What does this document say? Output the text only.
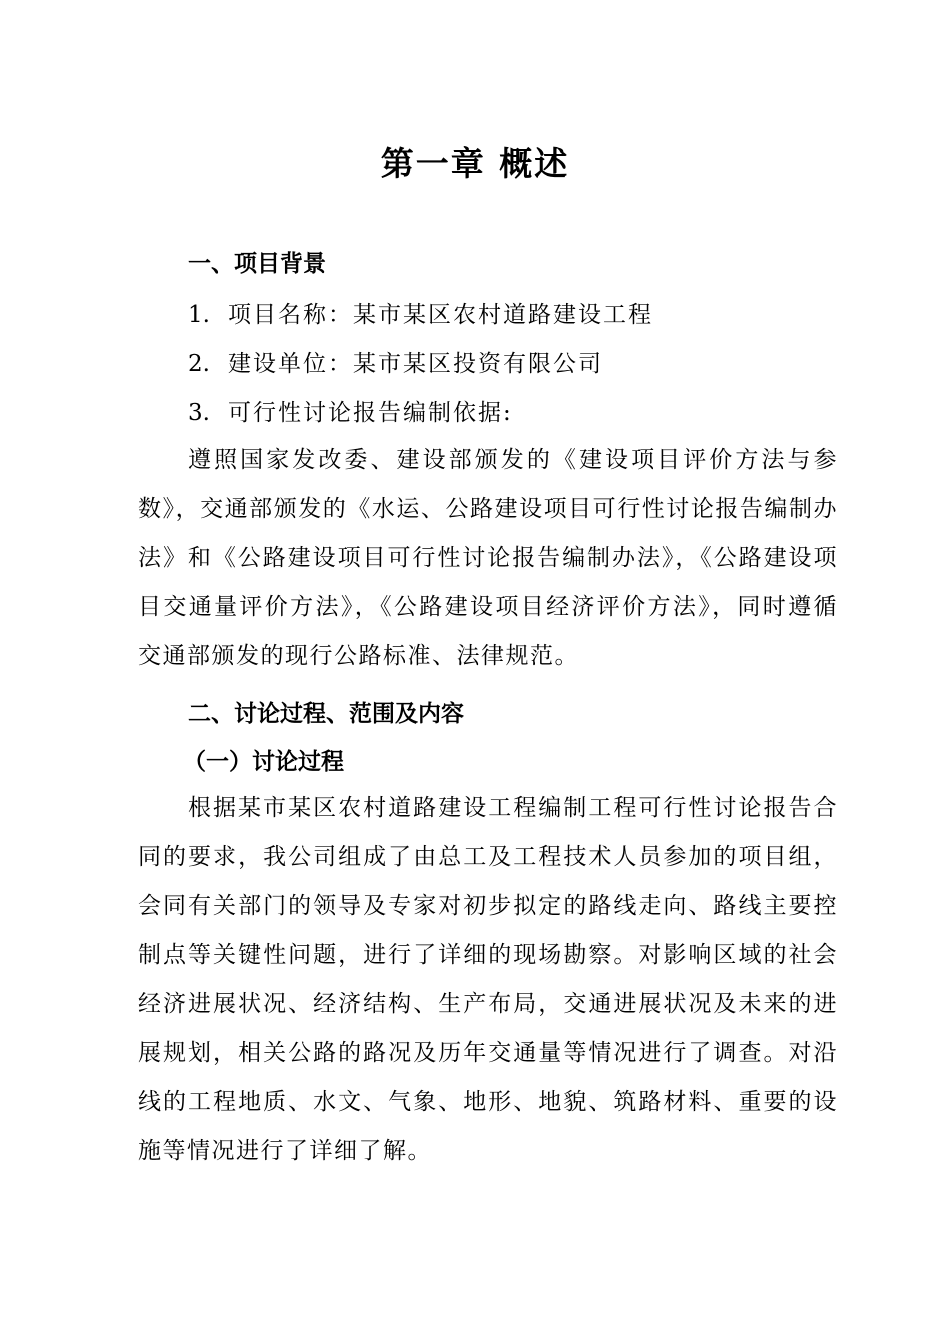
第一章 概述
一、项目背景
1. 项目名称：某市某区农村道路建设工程
2. 建设单位：某市某区投资有限公司
3. 可行性讨论报告编制依据:

遵照国家发改委、建设部颁发的《建设项目评价方法与参数》，交通部颁发的《水运、公路建设项目可行性讨论报告编制办法》和《公路建设项目可行性讨论报告编制办法》，《公路建设项目交通量评价方法》，《公路建设项目经济评价方法》，同时遵循交通部颁发的现行公路标准、法律规范。

二、讨论过程、范围及内容
（一）讨论过程

根据某市某区农村道路建设工程编制工程可行性讨论报告合同的要求，我公司组成了由总工及工程技术人员参加的项目组，会同有关部门的领导及专家对初步拟定的路线走向、路线主要控制点等关键性问题，进行了详细的现场勘察。对影响区域的社会经济进展状况、经济结构、生产布局，交通进展状况及未来的进展规划，相关公路的路况及历年交通量等情况进行了调查。对沿线的工程地质、水文、气象、地形、地貌、筑路材料、重要的设施等情况进行了详细了解。
